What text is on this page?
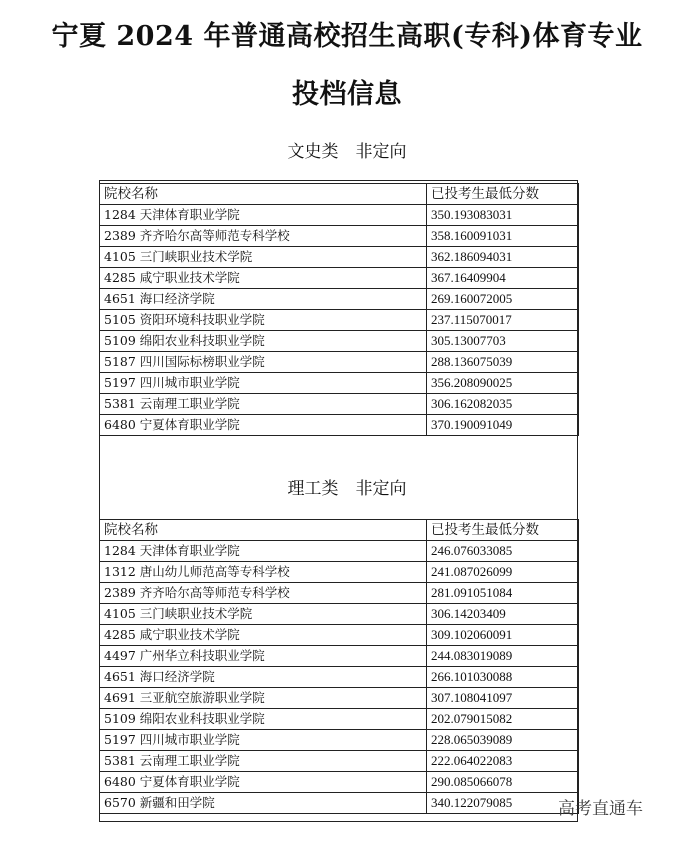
宁夏 2024 年普通高校招生高职(专科)体育专业
投档信息
文史类　非定向
院校名称	已投考生最低分数
1284 天津体育职业学院	350.193083031
2389 齐齐哈尔高等师范专科学校	358.160091031
4105 三门峡职业技术学院	362.186094031
4285 咸宁职业技术学院	367.16409904
4651 海口经济学院	269.160072005
5105 资阳环境科技职业学院	237.115070017
5109 绵阳农业科技职业学院	305.13007703
5187 四川国际标榜职业学院	288.136075039
5197 四川城市职业学院	356.208090025
5381 云南理工职业学院	306.162082035
6480 宁夏体育职业学院	370.190091049
理工类　非定向
院校名称	已投考生最低分数
1284 天津体育职业学院	246.076033085
1312 唐山幼儿师范高等专科学校	241.087026099
2389 齐齐哈尔高等师范专科学校	281.091051084
4105 三门峡职业技术学院	306.14203409
4285 咸宁职业技术学院	309.102060091
4497 广州华立科技职业学院	244.083019089
4651 海口经济学院	266.101030088
4691 三亚航空旅游职业学院	307.108041097
5109 绵阳农业科技职业学院	202.079015082
5197 四川城市职业学院	228.065039089
5381 云南理工职业学院	222.064022083
6480 宁夏体育职业学院	290.085066078
6570 新疆和田学院	340.122079085	高考直通车
